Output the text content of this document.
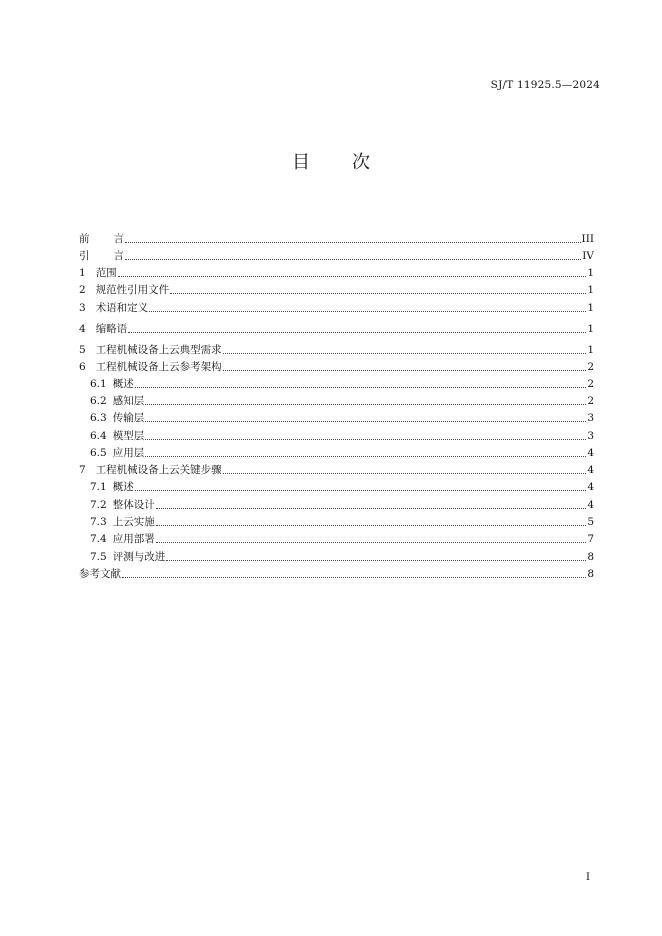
SJ/T 11925.5—2024
目 次
前 言	III
引 言	IV
1 范围	1
2 规范性引用文件	1
3 术语和定义	1
4 缩略语	1
5 工程机械设备上云典型需求	1
6 工程机械设备上云参考架构	2
6.1 概述	2
6.2 感知层	2
6.3 传输层	3
6.4 模型层	3
6.5 应用层	4
7 工程机械设备上云关键步骤	4
7.1 概述	4
7.2 整体设计	4
7.3 上云实施	5
7.4 应用部署	7
7.5 评测与改进	8
参考文献	8
I
